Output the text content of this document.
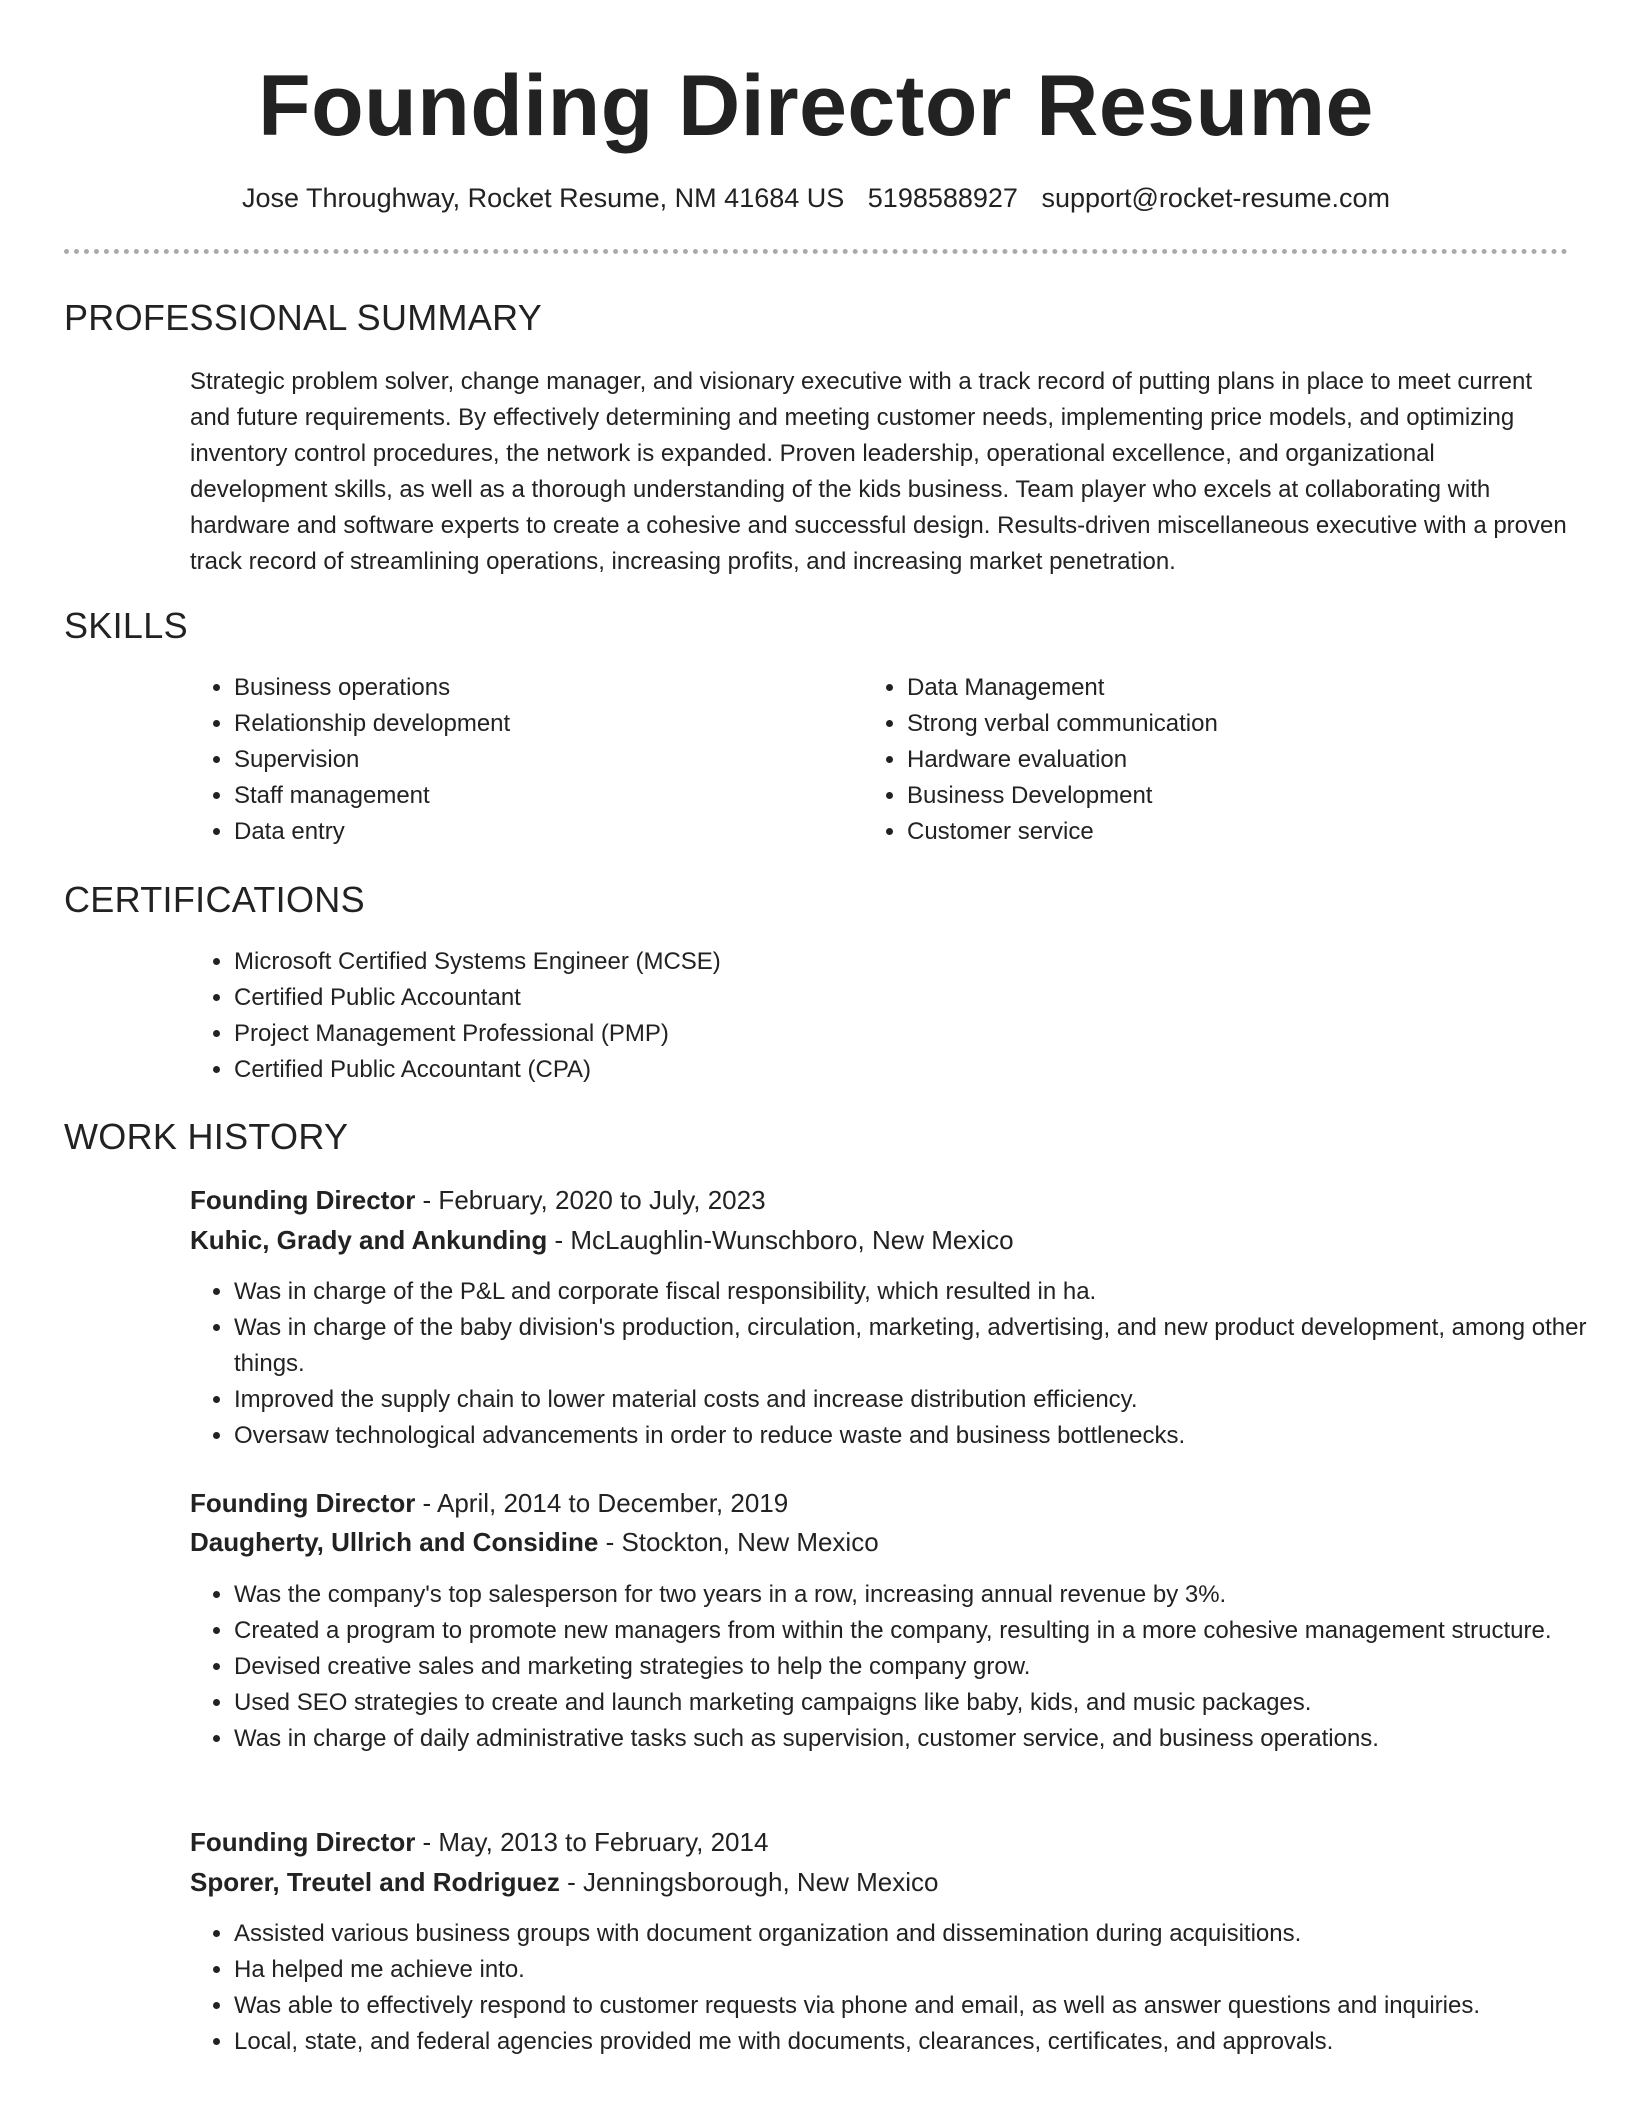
Founding Director Resume
Jose Throughway, Rocket Resume, NM 41684 US 5198588927 support@rocket-resume.com
PROFESSIONAL SUMMARY

Strategic problem solver, change manager, and visionary executive with a track record of putting plans in place to meet current and future requirements. By effectively determining and meeting customer needs, implementing price models, and optimizing inventory control procedures, the network is expanded. Proven leadership, operational excellence, and organizational development skills, as well as a thorough understanding of the kids business. Team player who excels at collaborating with hardware and software experts to create a cohesive and successful design. Results-driven miscellaneous executive with a proven track record of streamlining operations, increasing profits, and increasing market penetration.

SKILLS
• Business operations
• Relationship development
• Supervision
• Staff management
• Data entry
• Data Management
• Strong verbal communication
• Hardware evaluation
• Business Development
• Customer service
CERTIFICATIONS
• Microsoft Certified Systems Engineer (MCSE)
• Certified Public Accountant
• Project Management Professional (PMP)
• Certified Public Accountant (CPA)
WORK HISTORY
Founding Director - February, 2020 to July, 2023
Kuhic, Grady and Ankunding - McLaughlin-Wunschboro, New Mexico
• Was in charge of the P&L and corporate fiscal responsibility, which resulted in ha.
• Was in charge of the baby division's production, circulation, marketing, advertising, and new product development, among other things.
• Improved the supply chain to lower material costs and increase distribution efficiency.
• Oversaw technological advancements in order to reduce waste and business bottlenecks.
Founding Director - April, 2014 to December, 2019
Daugherty, Ullrich and Considine - Stockton, New Mexico
• Was the company's top salesperson for two years in a row, increasing annual revenue by 3%.
• Created a program to promote new managers from within the company, resulting in a more cohesive management structure.
• Devised creative sales and marketing strategies to help the company grow.
• Used SEO strategies to create and launch marketing campaigns like baby, kids, and music packages.
• Was in charge of daily administrative tasks such as supervision, customer service, and business operations.
Founding Director - May, 2013 to February, 2014
Sporer, Treutel and Rodriguez - Jenningsborough, New Mexico
• Assisted various business groups with document organization and dissemination during acquisitions.
• Ha helped me achieve into.
• Was able to effectively respond to customer requests via phone and email, as well as answer questions and inquiries.
• Local, state, and federal agencies provided me with documents, clearances, certificates, and approvals.
